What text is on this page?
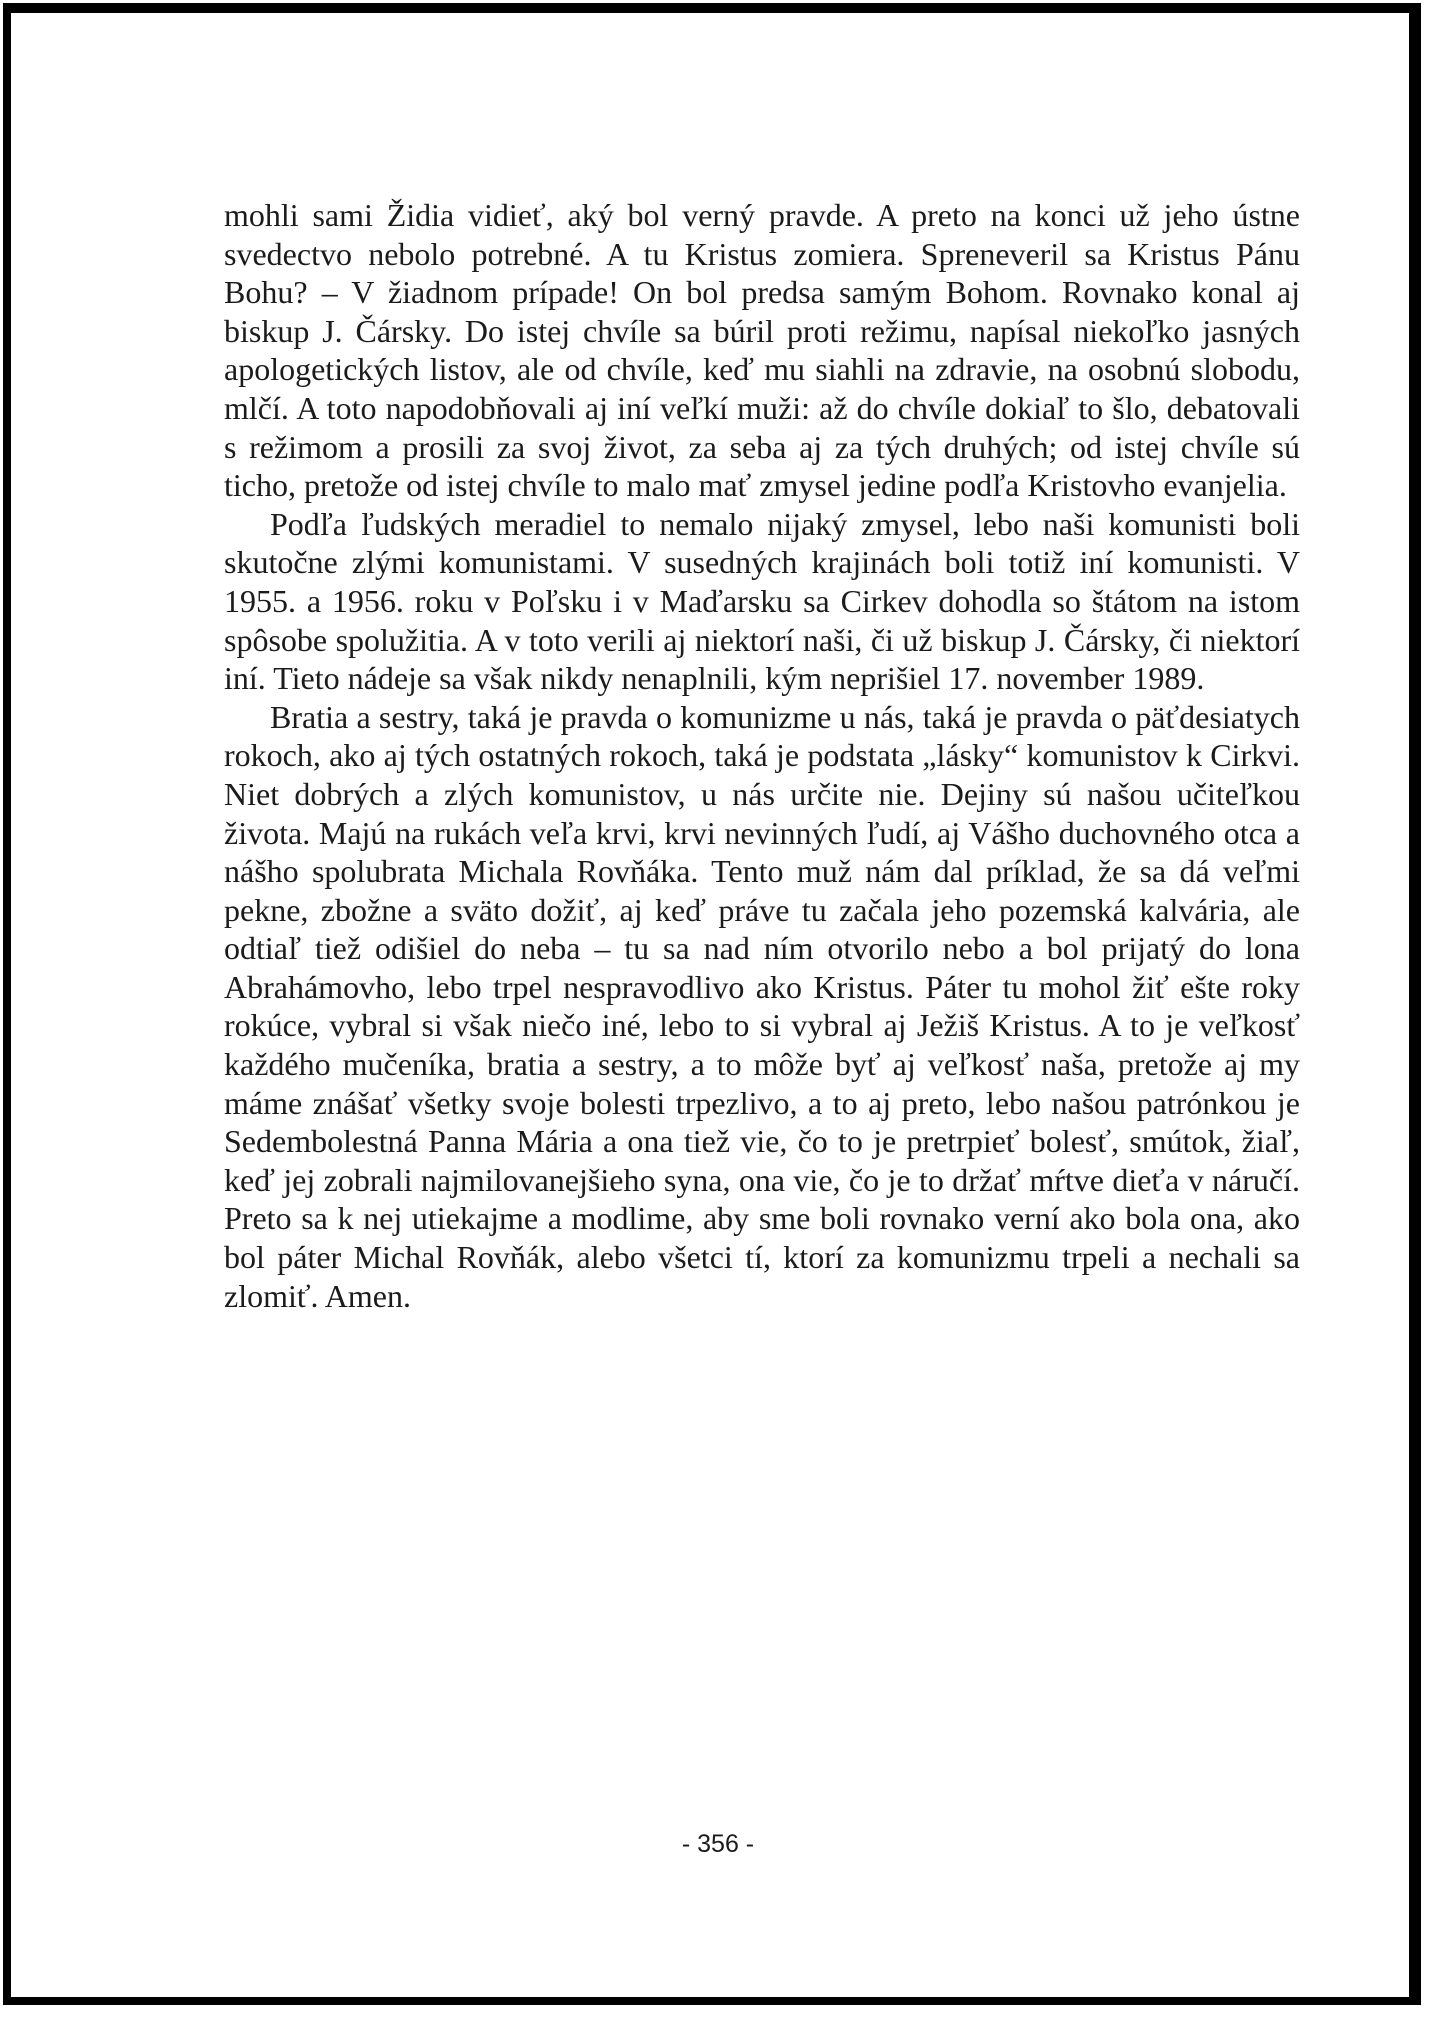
mohli sami Židia vidieť, aký bol verný pravde. A preto na konci už jeho ústne svedectvo nebolo potrebné. A tu Kristus zomiera. Spreneveril sa Kristus Pánu Bohu? – V žiadnom prípade! On bol predsa samým Bohom. Rovnako konal aj biskup J. Čársky. Do istej chvíle sa búril proti režimu, napísal niekoľko jasných apologetických listov, ale od chvíle, keď mu siahli na zdravie, na osobnú slobodu, mlčí. A toto napodobňovali aj iní veľkí muži: až do chvíle dokiaľ to šlo, debatovali s režimom a prosili za svoj život, za seba aj za tých druhých; od istej chvíle sú ticho, pretože od istej chvíle to malo mať zmysel jedine podľa Kristovho evanjelia.

Podľa ľudských meradiel to nemalo nijaký zmysel, lebo naši komunisti boli skutočne zlými komunistami. V susedných krajinách boli totiž iní komunisti. V 1955. a 1956. roku v Poľsku i v Maďarsku sa Cirkev dohodla so štátom na istom spôsobe spolužitia. A v toto verili aj niektorí naši, či už biskup J. Čársky, či niektorí iní. Tieto nádeje sa však nikdy nenaplnili, kým neprišiel 17. november 1989.

Bratia a sestry, taká je pravda o komunizme u nás, taká je pravda o päťdesiatych rokoch, ako aj tých ostatných rokoch, taká je podstata „lásky“ komunistov k Cirkvi. Niet dobrých a zlých komunistov, u nás určite nie. Dejiny sú našou učiteľkou života. Majú na rukách veľa krvi, krvi nevinných ľudí, aj Vášho duchovného otca a nášho spolubrata Michala Rovňáka. Tento muž nám dal príklad, že sa dá veľmi pekne, zbožne a sväto dožiť, aj keď práve tu začala jeho pozemská kalvária, ale odtiaľ tiež odišiel do neba – tu sa nad ním otvorilo nebo a bol prijatý do lona Abrahámovho, lebo trpel nespravodlivo ako Kristus. Páter tu mohol žiť ešte roky rokúce, vybral si však niečo iné, lebo to si vybral aj Ježiš Kristus. A to je veľkosť každého mučeníka, bratia a sestry, a to môže byť aj veľkosť naša, pretože aj my máme znášať všetky svoje bolesti trpezlivo, a to aj preto, lebo našou patrónkou je Sedembolestná Panna Mária a ona tiež vie, čo to je pretrpieť bolesť, smútok, žiaľ, keď jej zobrali najmilovanejšieho syna, ona vie, čo je to držať mŕtve dieťa v náručí. Preto sa k nej utiekajme a modlime, aby sme boli rovnako verní ako bola ona, ako bol páter Michal Rovňák, alebo všetci tí, ktorí za komunizmu trpeli a nechali sa zlomiť. Amen.

- 356 -
